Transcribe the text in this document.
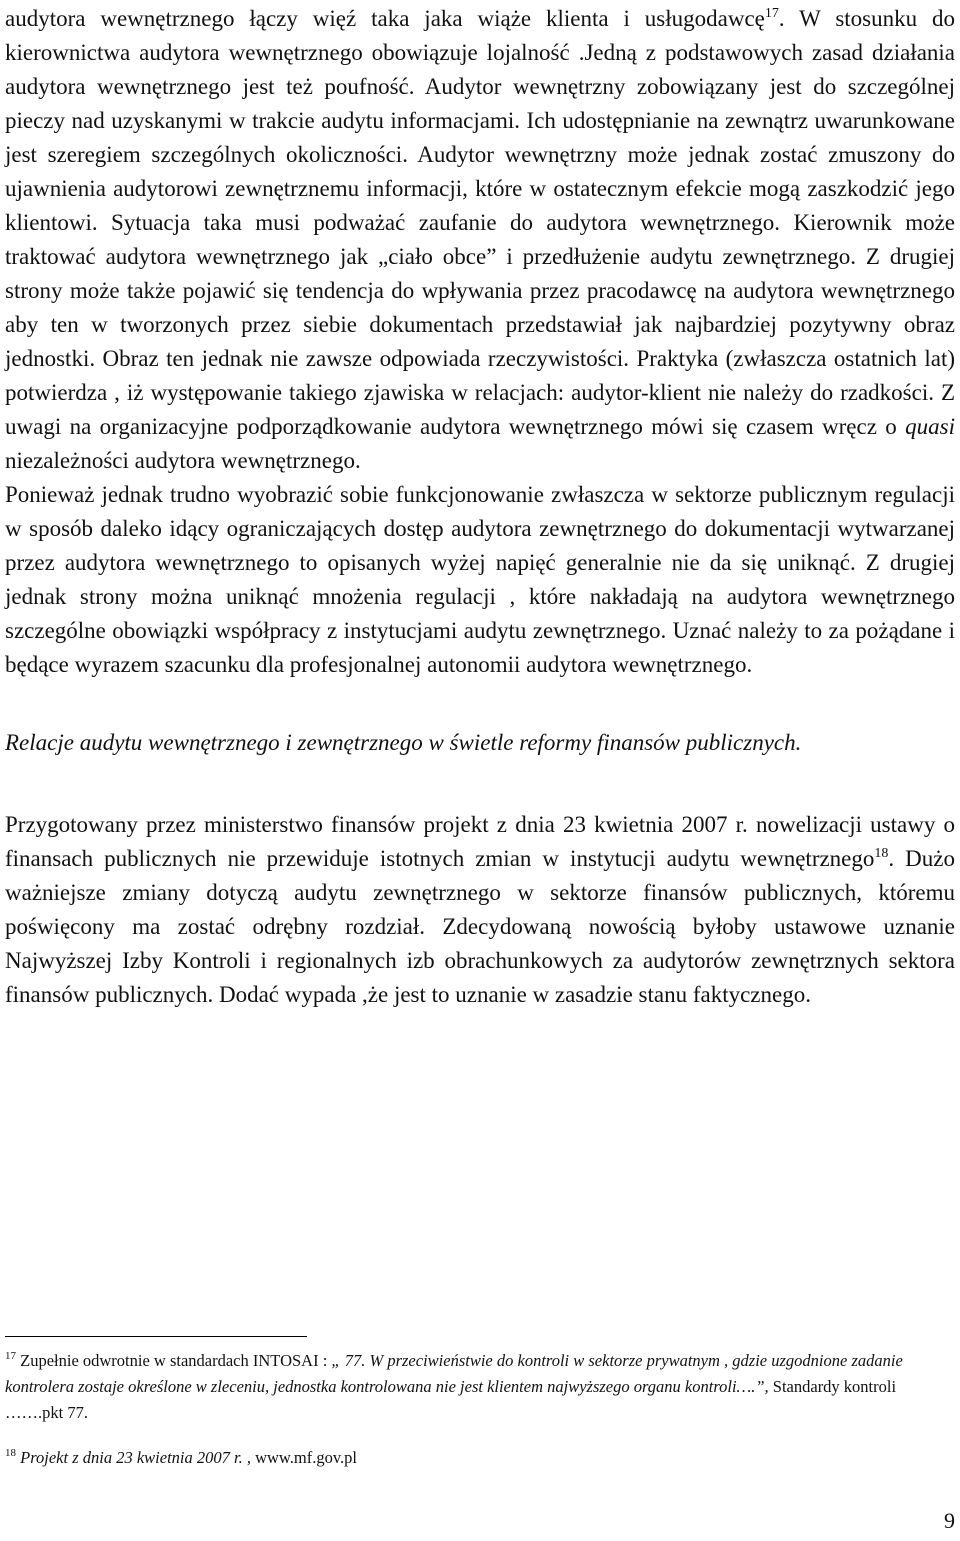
audytora wewnętrznego łączy więź taka jaka wiąże klienta i usługodawcę$^{17}$. W stosunku do kierownictwa audytora wewnętrznego obowiązuje lojalność .Jedną z podstawowych zasad działania audytora wewnętrznego jest też poufność. Audytor wewnętrzny zobowiązany jest do szczególnej pieczy nad uzyskanymi w trakcie audytu informacjami. Ich udostępnianie na zewnątrz uwarunkowane jest szeregiem szczególnych okoliczności. Audytor wewnętrzny może jednak zostać zmuszony do ujawnienia audytorowi zewnętrznemu informacji, które w ostatecznym efekcie mogą zaszkodzić jego klientowi. Sytuacja taka musi podważać zaufanie do audytora wewnętrznego. Kierownik może traktować audytora wewnętrznego jak „ciało obce” i przedłużenie audytu zewnętrznego. Z drugiej strony może także pojawić się tendencja do wpływania przez pracodawcę na audytora wewnętrznego aby ten w tworzonych przez siebie dokumentach przedstawiał jak najbardziej pozytywny obraz jednostki. Obraz ten jednak nie zawsze odpowiada rzeczywistości. Praktyka (zwłaszcza ostatnich lat) potwierdza , iż występowanie takiego zjawiska w relacjach: audytor-klient nie należy do rzadkości. Z uwagi na organizacyjne podporządkowanie audytora wewnętrznego mówi się czasem wręcz o quasi niezależności audytora wewnętrznego.

Ponieważ jednak trudno wyobrazić sobie funkcjonowanie zwłaszcza w sektorze publicznym regulacji w sposób daleko idący ograniczających dostęp audytora zewnętrznego do dokumentacji wytwarzanej przez audytora wewnętrznego to opisanych wyżej napięć generalnie nie da się uniknąć. Z drugiej jednak strony można uniknąć mnożenia regulacji , które nakładają na audytora wewnętrznego szczególne obowiązki współpracy z instytucjami audytu zewnętrznego. Uznać należy to za pożądane i będące wyrazem szacunku dla profesjonalnej autonomii audytora wewnętrznego.

Relacje audytu wewnętrznego i zewnętrznego w świetle reformy finansów publicznych.

Przygotowany przez ministerstwo finansów projekt z dnia 23 kwietnia 2007 r. nowelizacji ustawy o finansach publicznych nie przewiduje istotnych zmian w instytucji audytu wewnętrznego$^{18}$. Dużo ważniejsze zmiany dotyczą audytu zewnętrznego w sektorze finansów publicznych, któremu poświęcony ma zostać odrębny rozdział. Zdecydowaną nowością byłoby ustawowe uznanie Najwyższej Izby Kontroli i regionalnych izb obrachunkowych za audytorów zewnętrznych sektora finansów publicznych. Dodać wypada ,że jest to uznanie w zasadzie stanu faktycznego.

$^{17}$ Zupełnie odwrotnie w standardach INTOSAI : „ 77. W przeciwieństwie do kontroli w sektorze prywatnym , gdzie uzgodnione zadanie kontrolera zostaje określone w zleceniu, jednostka kontrolowana nie jest klientem najwyższego organu kontroli….”, Standardy kontroli …….pkt 77.
$^{18}$ Projekt z dnia 23 kwietnia 2007 r. , www.mf.gov.pl
9
